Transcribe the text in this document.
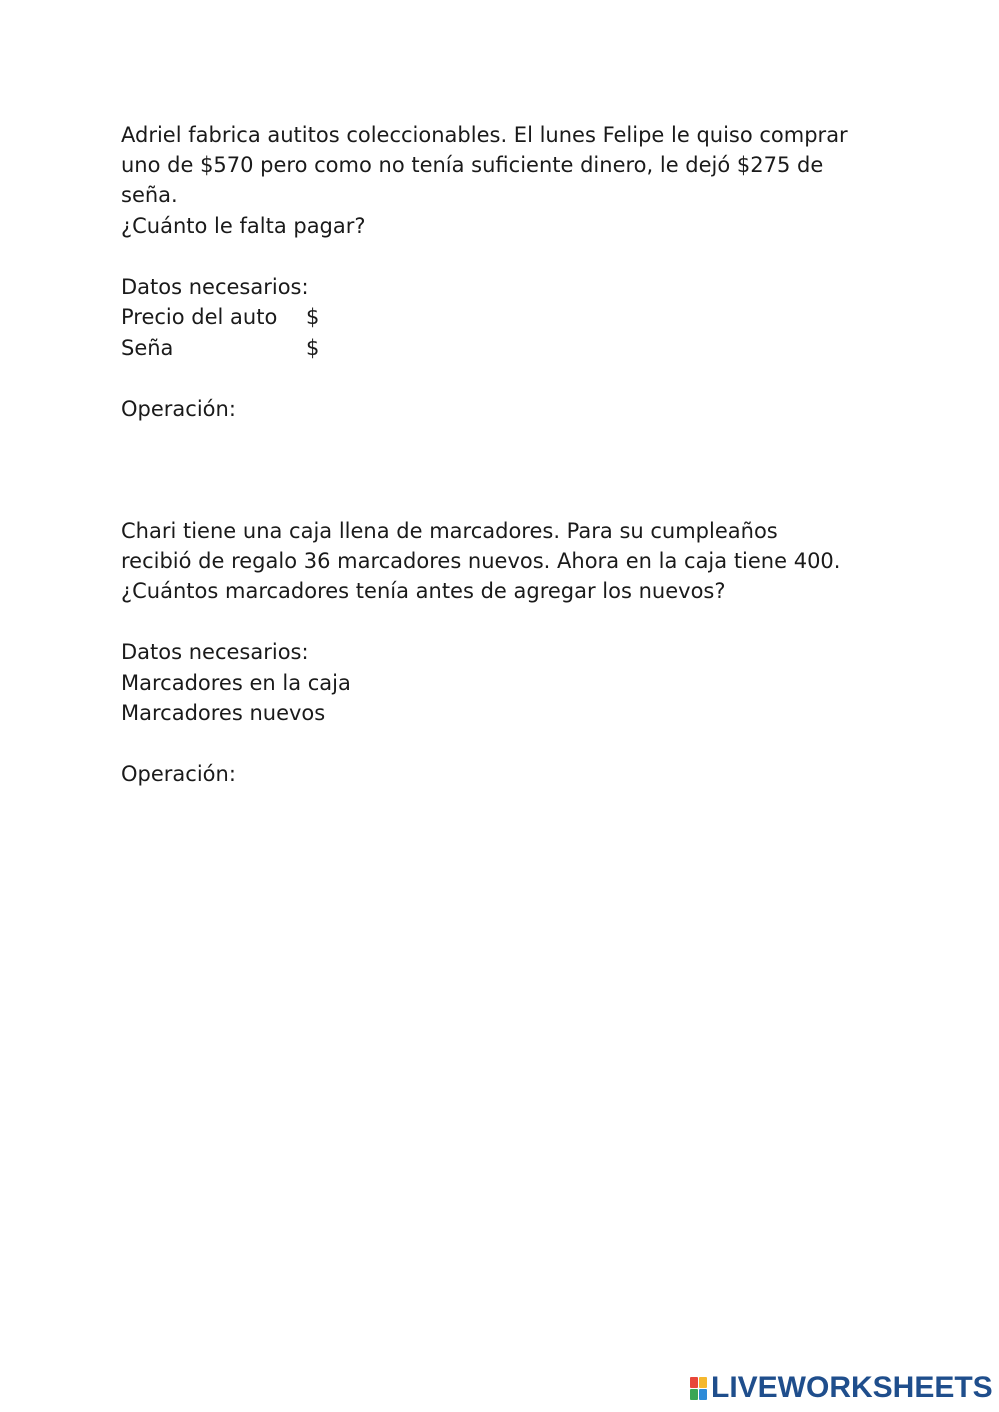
Adriel fabrica autitos coleccionables. El lunes Felipe le quiso comprar
uno de $570 pero como no tenía suficiente dinero, le dejó $275 de
seña.
¿Cuánto le falta pagar?
Datos necesarios:
Precio del auto $
Seña	$
Operación:
Chari tiene una caja llena de marcadores. Para su cumpleaños
recibió de regalo 36 marcadores nuevos. Ahora en la caja tiene 400.
¿Cuántos marcadores tenía antes de agregar los nuevos?
Datos necesarios:
Marcadores en la caja
Marcadores nuevos
Operación:
LIVEWORKSHEETS
